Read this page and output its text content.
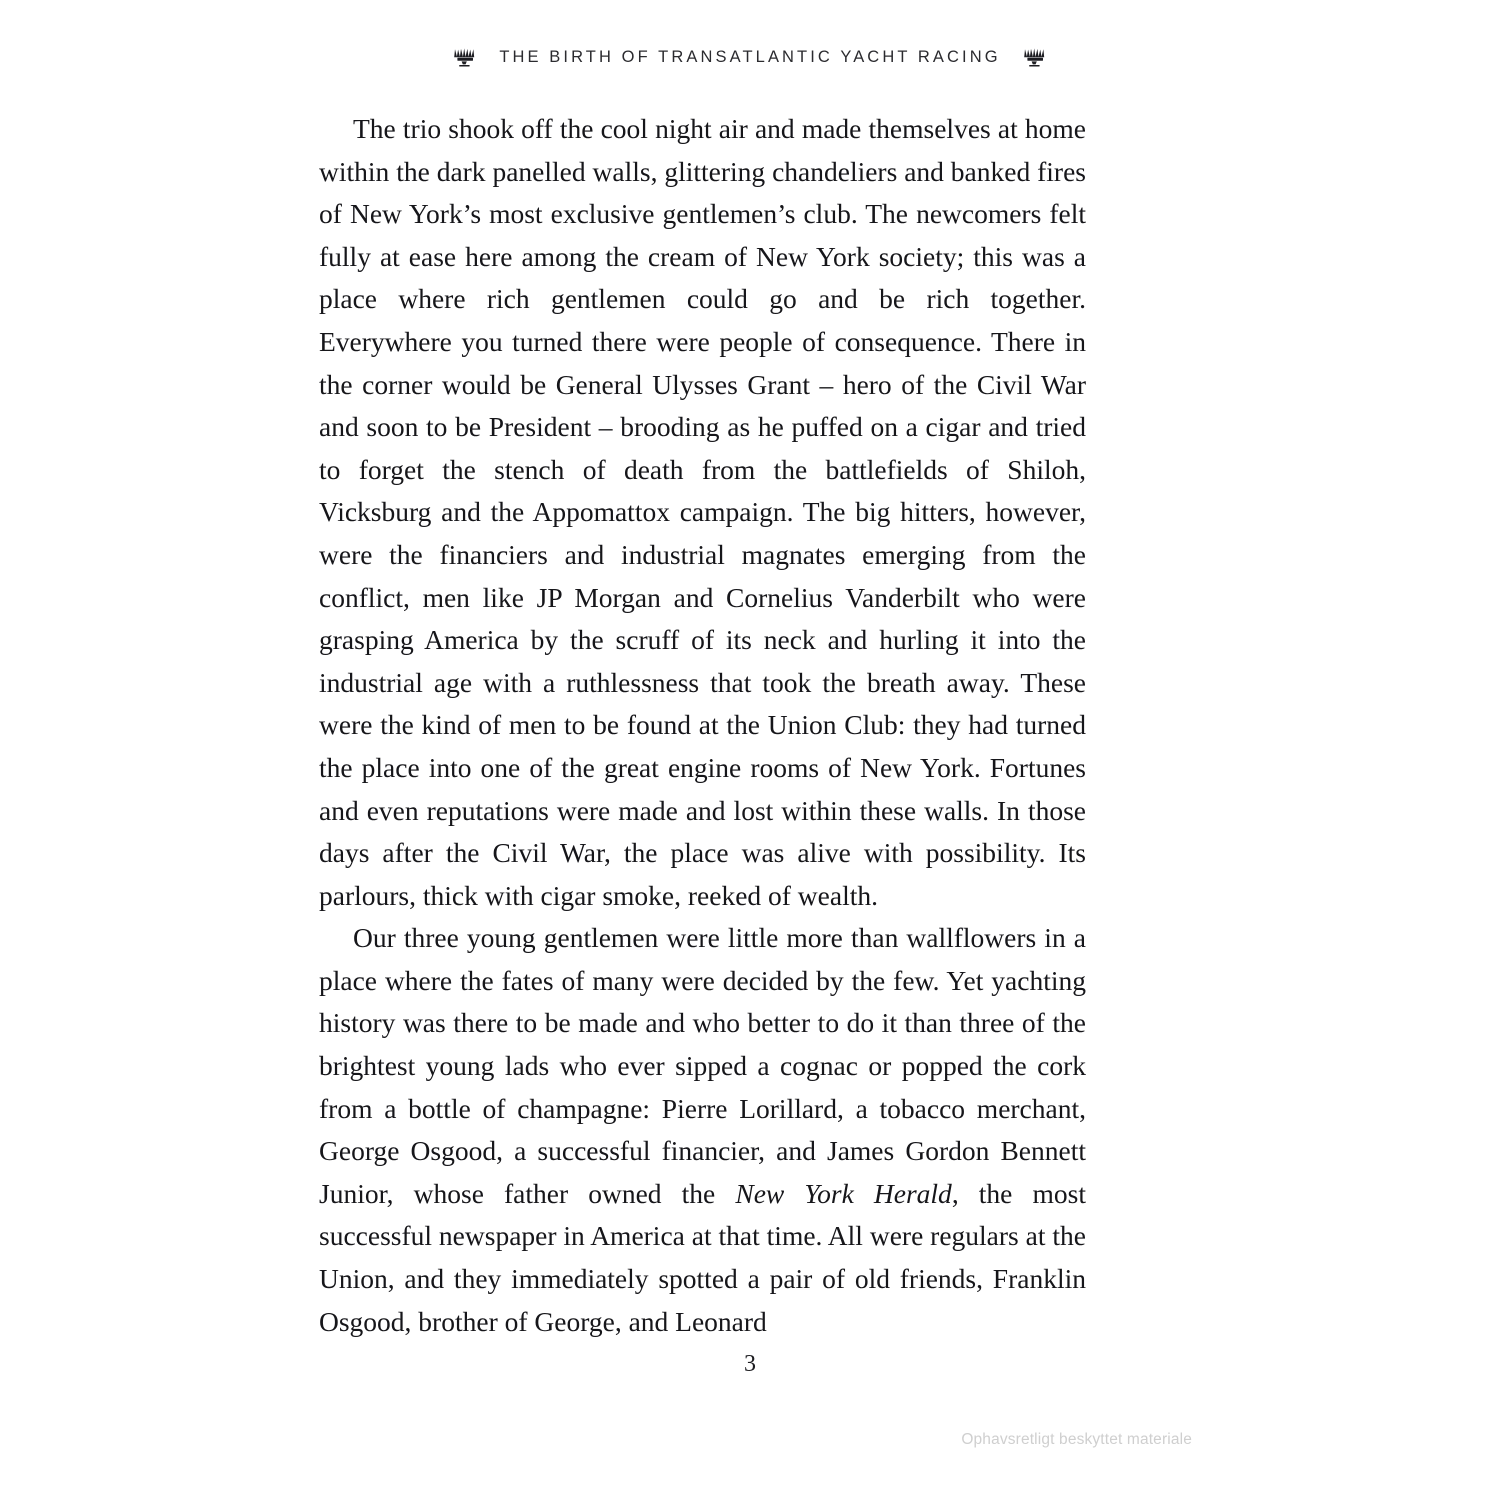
THE BIRTH OF TRANSATLANTIC YACHT RACING

The trio shook off the cool night air and made themselves at home within the dark panelled walls, glittering chandeliers and banked fires of New York’s most exclusive gentlemen’s club. The newcomers felt fully at ease here among the cream of New York society; this was a place where rich gentlemen could go and be rich together. Everywhere you turned there were people of consequence. There in the corner would be General Ulysses Grant – hero of the Civil War and soon to be President – brooding as he puffed on a cigar and tried to forget the stench of death from the battlefields of Shiloh, Vicksburg and the Appomattox campaign. The big hitters, however, were the financiers and industrial magnates emerging from the conflict, men like JP Morgan and Cornelius Vanderbilt who were grasping America by the scruff of its neck and hurling it into the industrial age with a ruthlessness that took the breath away. These were the kind of men to be found at the Union Club: they had turned the place into one of the great engine rooms of New York. Fortunes and even reputations were made and lost within these walls. In those days after the Civil War, the place was alive with possibility. Its parlours, thick with cigar smoke, reeked of wealth.

Our three young gentlemen were little more than wallflowers in a place where the fates of many were decided by the few. Yet yachting history was there to be made and who better to do it than three of the brightest young lads who ever sipped a cognac or popped the cork from a bottle of champagne: Pierre Lorillard, a tobacco merchant, George Osgood, a successful financier, and James Gordon Bennett Junior, whose father owned the New York Herald, the most successful newspaper in America at that time. All were regulars at the Union, and they immediately spotted a pair of old friends, Franklin Osgood, brother of George, and Leonard

3
Ophavsretligt beskyttet materiale
